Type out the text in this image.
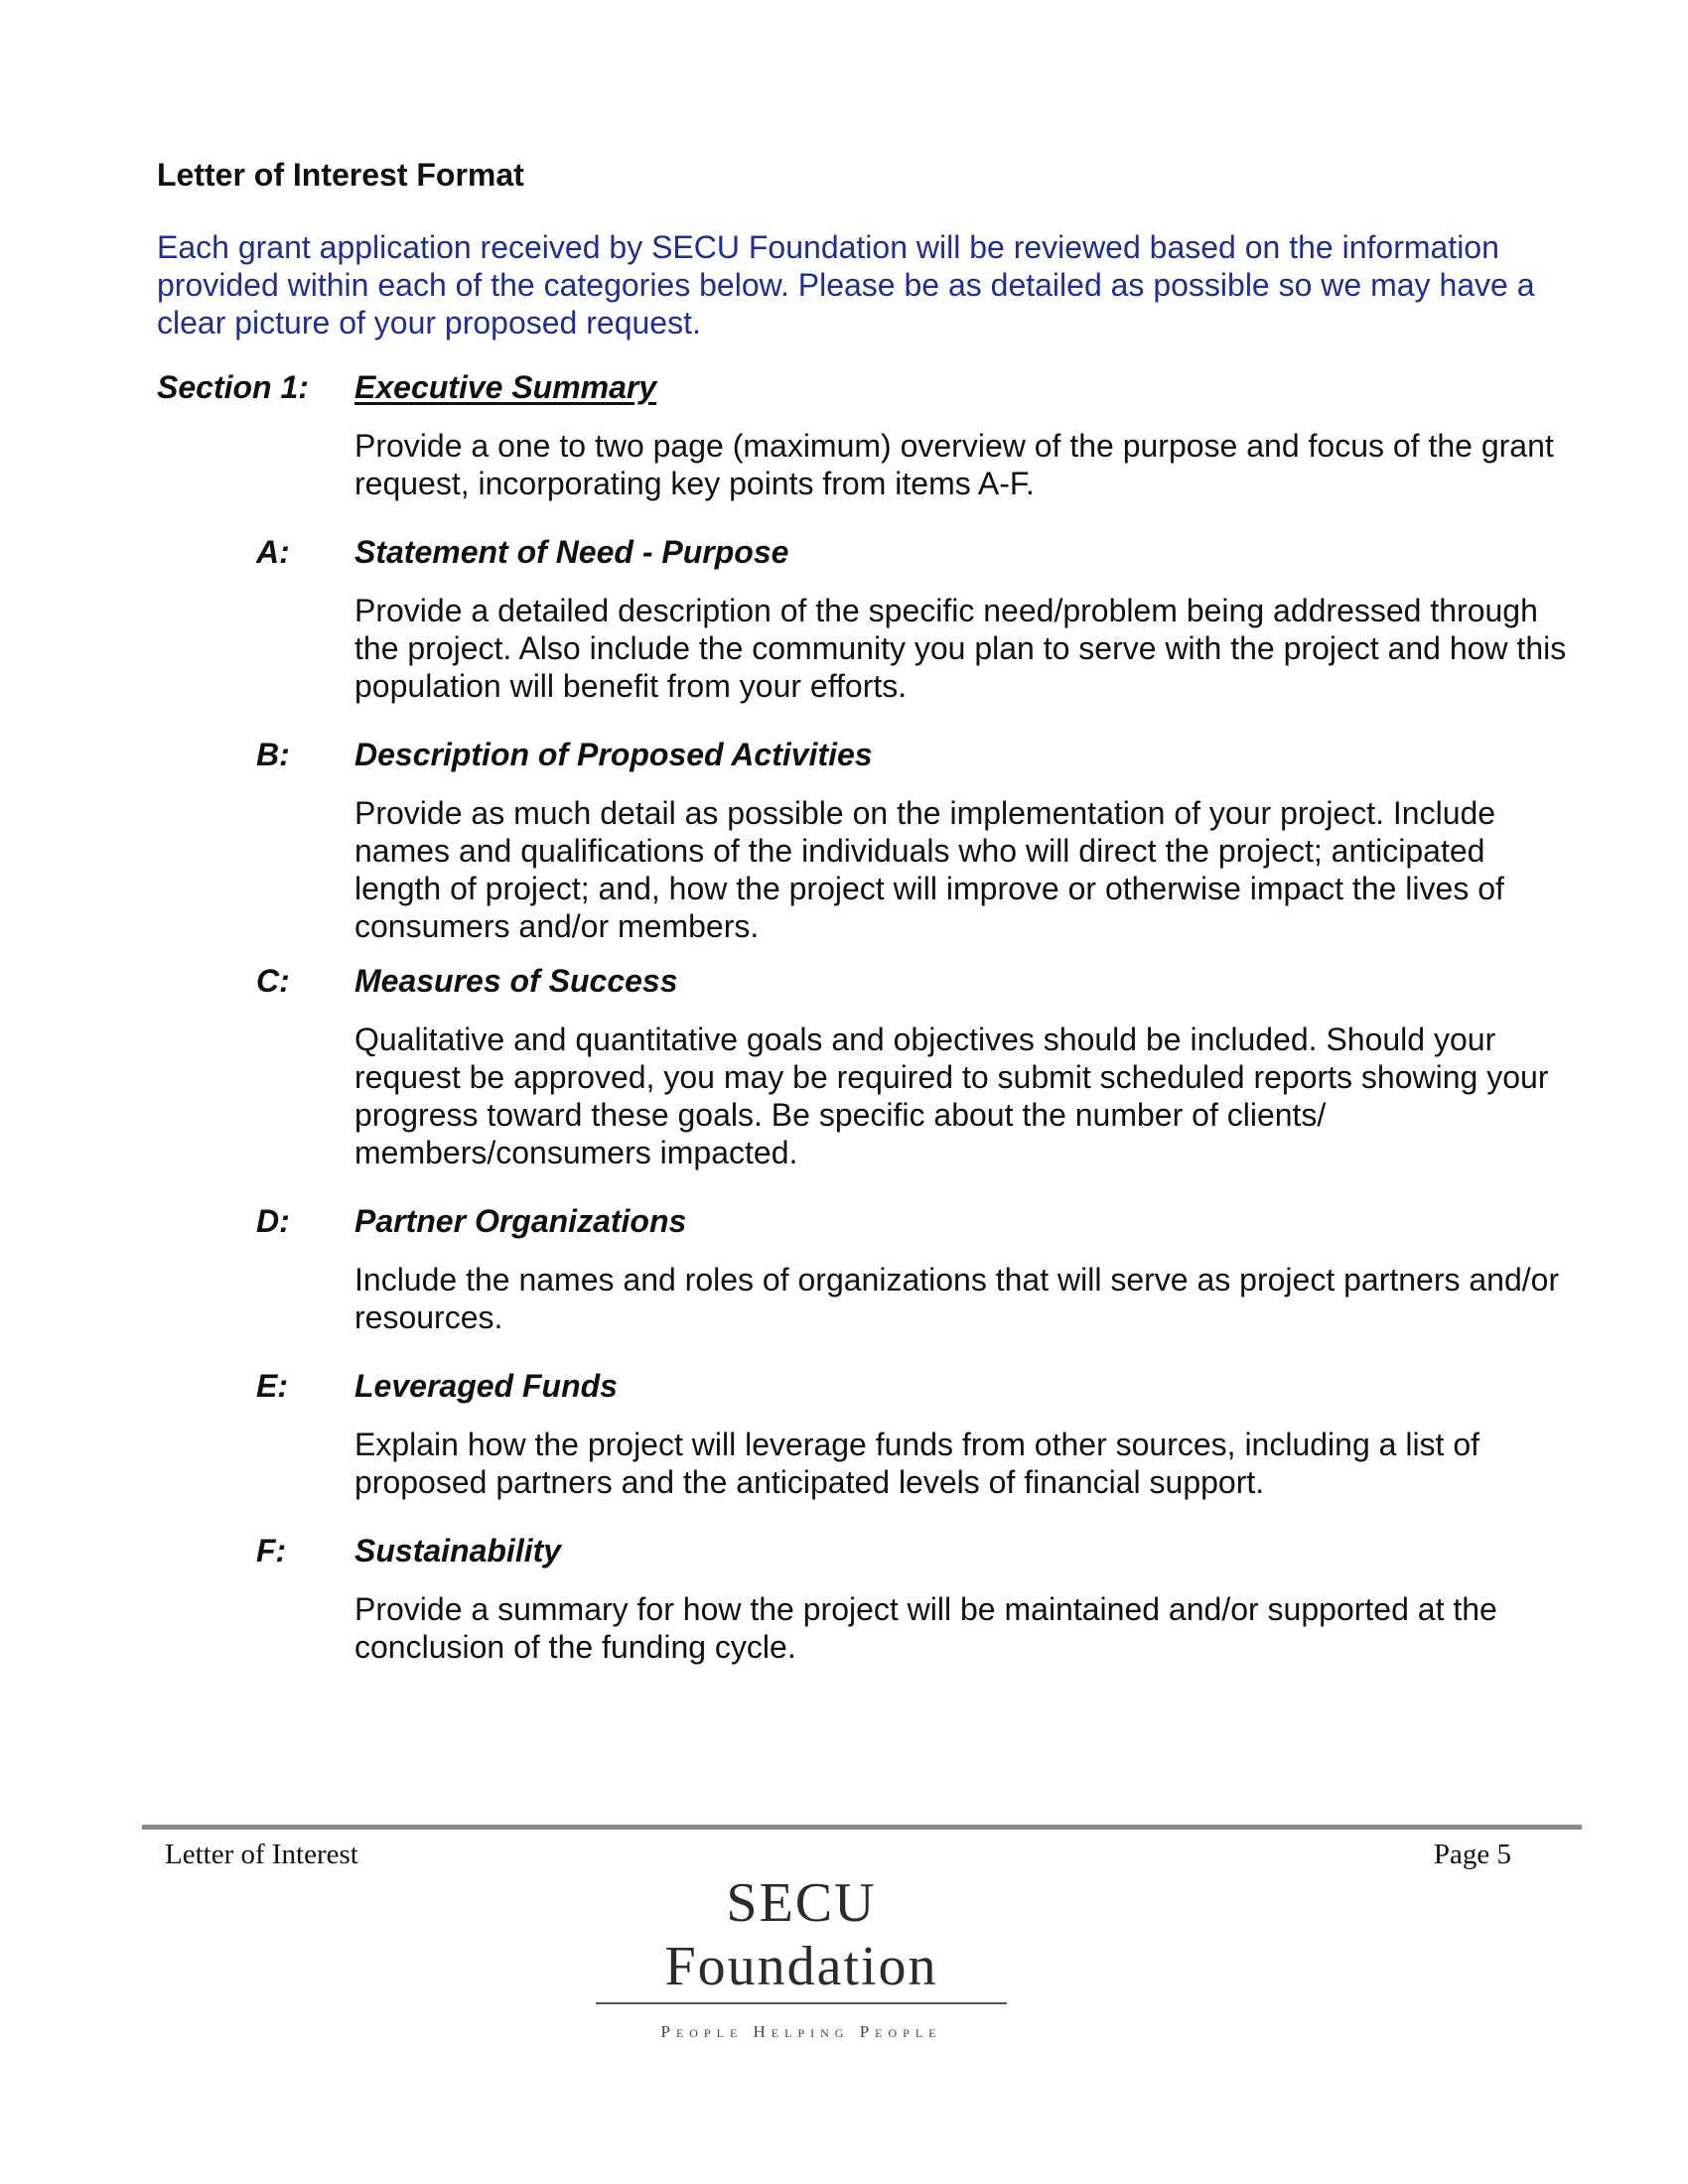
Letter of Interest Format
Each grant application received by SECU Foundation will be reviewed based on the information provided within each of the categories below. Please be as detailed as possible so we may have a clear picture of your proposed request.
Section 1: Executive Summary
Provide a one to two page (maximum) overview of the purpose and focus of the grant request, incorporating key points from items A-F.
A: Statement of Need - Purpose
Provide a detailed description of the specific need/problem being addressed through the project. Also include the community you plan to serve with the project and how this population will benefit from your efforts.
B: Description of Proposed Activities
Provide as much detail as possible on the implementation of your project. Include names and qualifications of the individuals who will direct the project; anticipated length of project; and, how the project will improve or otherwise impact the lives of consumers and/or members.
C: Measures of Success
Qualitative and quantitative goals and objectives should be included. Should your request be approved, you may be required to submit scheduled reports showing your progress toward these goals. Be specific about the number of clients/ members/consumers impacted.
D: Partner Organizations
Include the names and roles of organizations that will serve as project partners and/or resources.
E: Leveraged Funds
Explain how the project will leverage funds from other sources, including a list of proposed partners and the anticipated levels of financial support.
F: Sustainability
Provide a summary for how the project will be maintained and/or supported at the conclusion of the funding cycle.
Letter of Interest	Page 5
SECU Foundation
People Helping People
